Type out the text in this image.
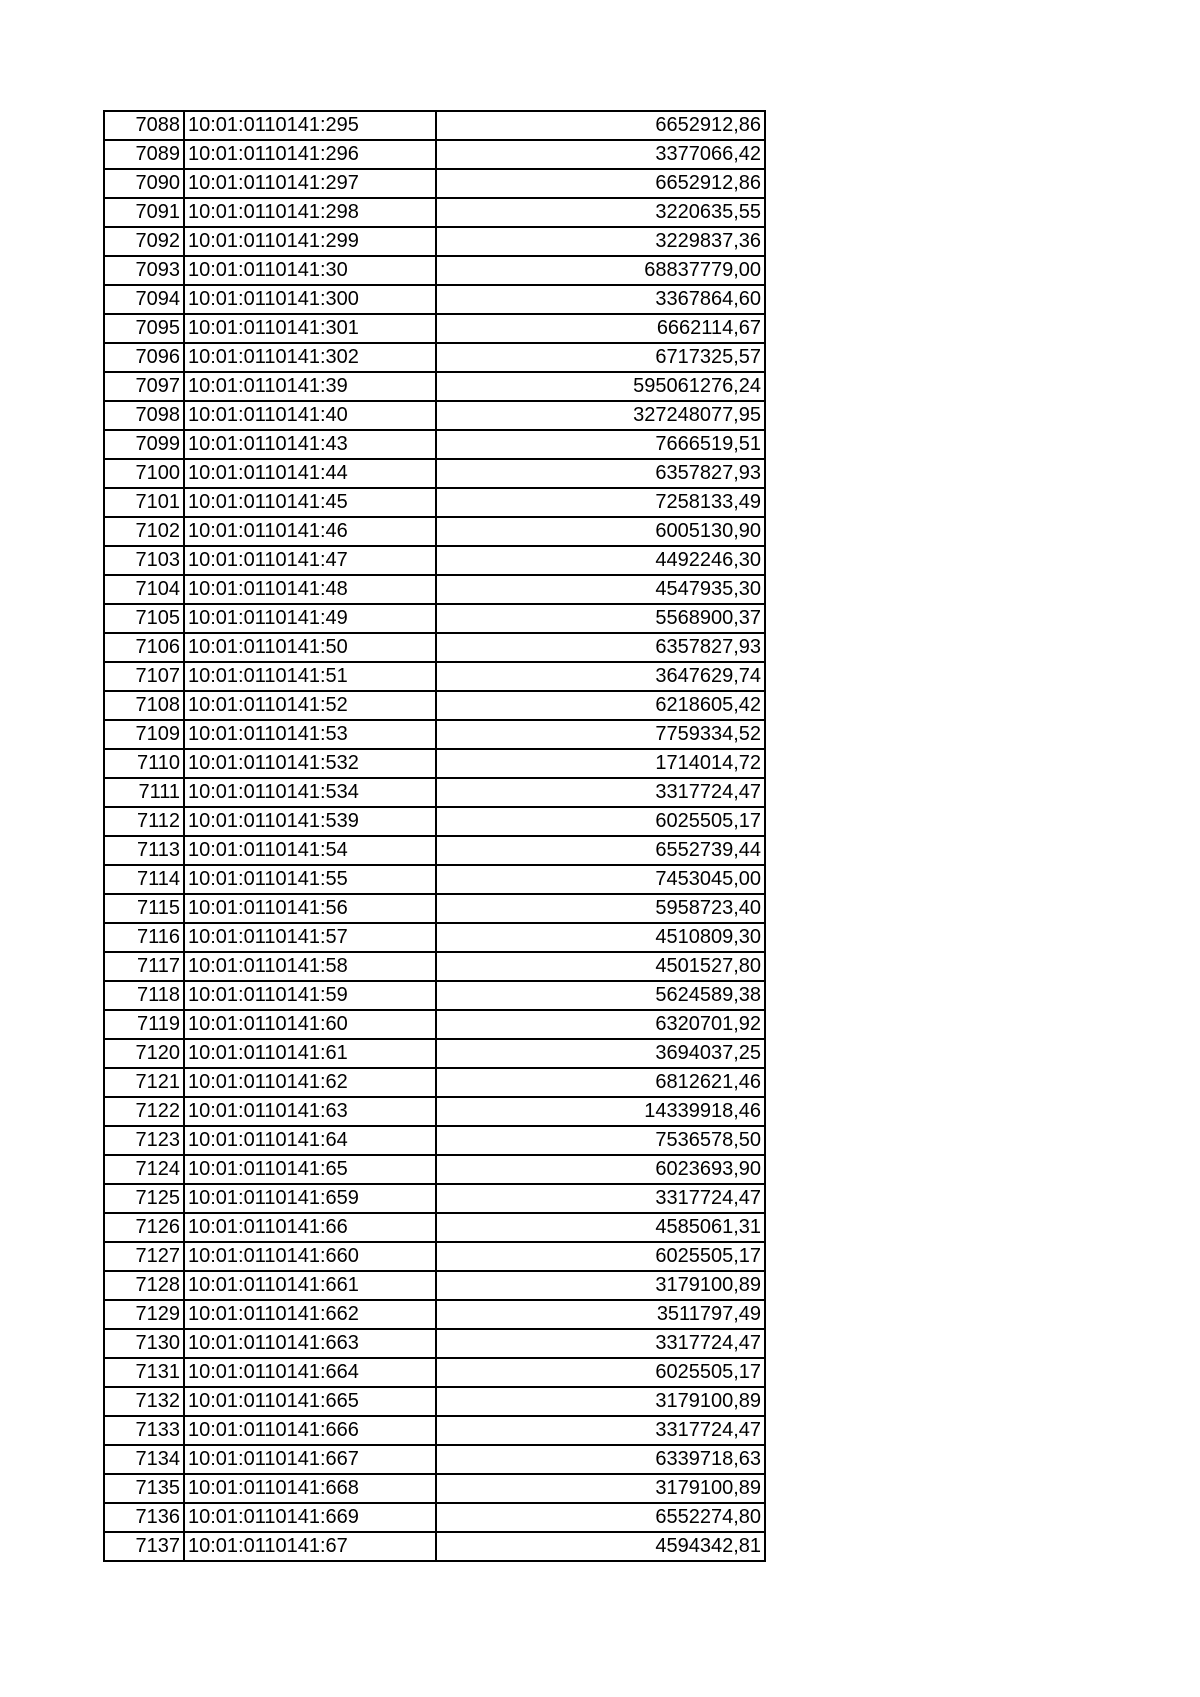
7088	10:01:0110141:295	6652912,86
7089	10:01:0110141:296	3377066,42
7090	10:01:0110141:297	6652912,86
7091	10:01:0110141:298	3220635,55
7092	10:01:0110141:299	3229837,36
7093	10:01:0110141:30	68837779,00
7094	10:01:0110141:300	3367864,60
7095	10:01:0110141:301	6662114,67
7096	10:01:0110141:302	6717325,57
7097	10:01:0110141:39	595061276,24
7098	10:01:0110141:40	327248077,95
7099	10:01:0110141:43	7666519,51
7100	10:01:0110141:44	6357827,93
7101	10:01:0110141:45	7258133,49
7102	10:01:0110141:46	6005130,90
7103	10:01:0110141:47	4492246,30
7104	10:01:0110141:48	4547935,30
7105	10:01:0110141:49	5568900,37
7106	10:01:0110141:50	6357827,93
7107	10:01:0110141:51	3647629,74
7108	10:01:0110141:52	6218605,42
7109	10:01:0110141:53	7759334,52
7110	10:01:0110141:532	1714014,72
7111	10:01:0110141:534	3317724,47
7112	10:01:0110141:539	6025505,17
7113	10:01:0110141:54	6552739,44
7114	10:01:0110141:55	7453045,00
7115	10:01:0110141:56	5958723,40
7116	10:01:0110141:57	4510809,30
7117	10:01:0110141:58	4501527,80
7118	10:01:0110141:59	5624589,38
7119	10:01:0110141:60	6320701,92
7120	10:01:0110141:61	3694037,25
7121	10:01:0110141:62	6812621,46
7122	10:01:0110141:63	14339918,46
7123	10:01:0110141:64	7536578,50
7124	10:01:0110141:65	6023693,90
7125	10:01:0110141:659	3317724,47
7126	10:01:0110141:66	4585061,31
7127	10:01:0110141:660	6025505,17
7128	10:01:0110141:661	3179100,89
7129	10:01:0110141:662	3511797,49
7130	10:01:0110141:663	3317724,47
7131	10:01:0110141:664	6025505,17
7132	10:01:0110141:665	3179100,89
7133	10:01:0110141:666	3317724,47
7134	10:01:0110141:667	6339718,63
7135	10:01:0110141:668	3179100,89
7136	10:01:0110141:669	6552274,80
7137	10:01:0110141:67	4594342,81
